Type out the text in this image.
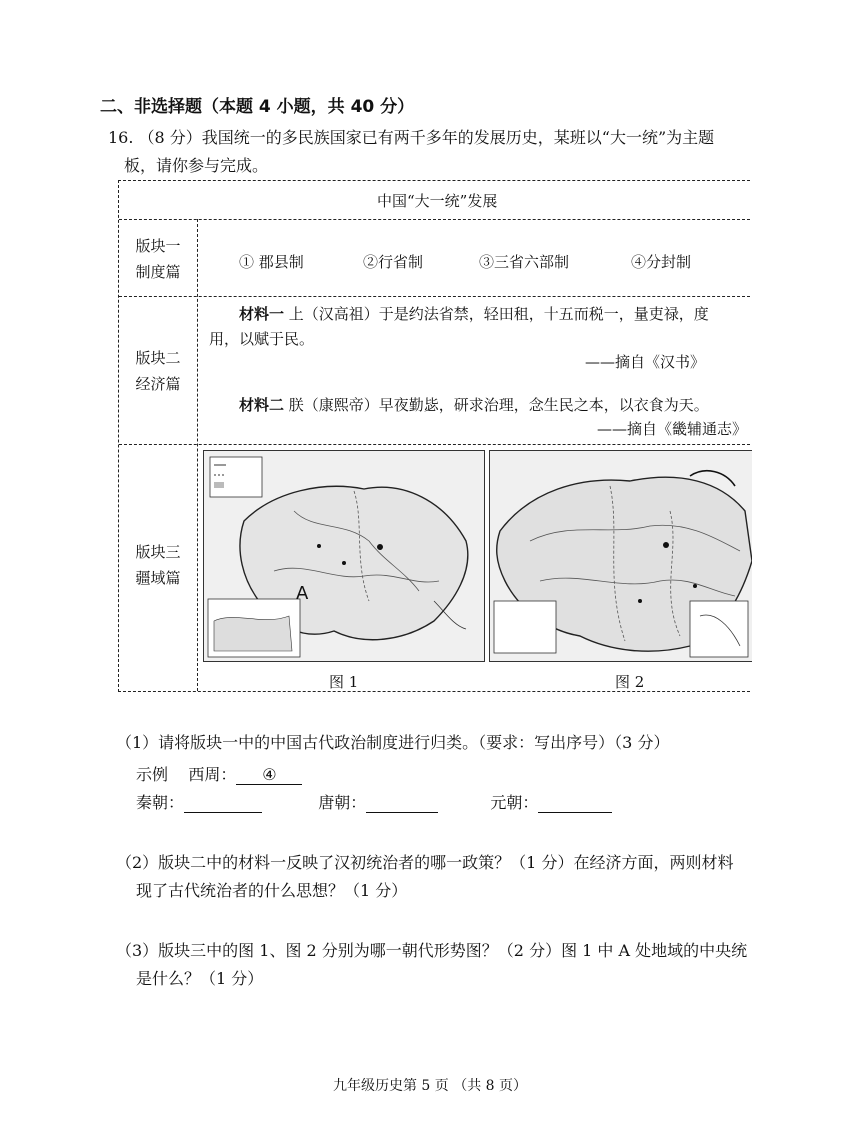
二、非选择题（本题 4 小题，共 40 分）
16. （8 分）我国统一的多民族国家已有两千多年的发展历史，某班以“大一统”为主题
板，请你参与完成。
中国“大一统”发展
版块一
制度篇
① 郡县制	②行省制	③三省六部制	④分封制
版块二
经济篇
材料一 上（汉高祖）于是约法省禁，轻田租，十五而税一，量吏禄，度
用，以赋于民。
——摘自《汉书》
材料二 朕（康熙帝）早夜勤毖，研求治理，念生民之本，以衣食为天。
——摘自《畿辅通志》
版块三
疆域篇
A
图 1	图 2
（1）请将版块一中的中国古代政治制度进行归类。（要求：写出序号）（3 分）
示例 西周： ④
秦朝：	唐朝：	元朝：
（2）版块二中的材料一反映了汉初统治者的哪一政策？（1 分）在经济方面，两则材料
现了古代统治者的什么思想？（1 分）
（3）版块三中的图 1、图 2 分别为哪一朝代形势图？（2 分）图 1 中 A 处地域的中央统
是什么？（1 分）
九年级历史第 5 页 （共 8 页）
